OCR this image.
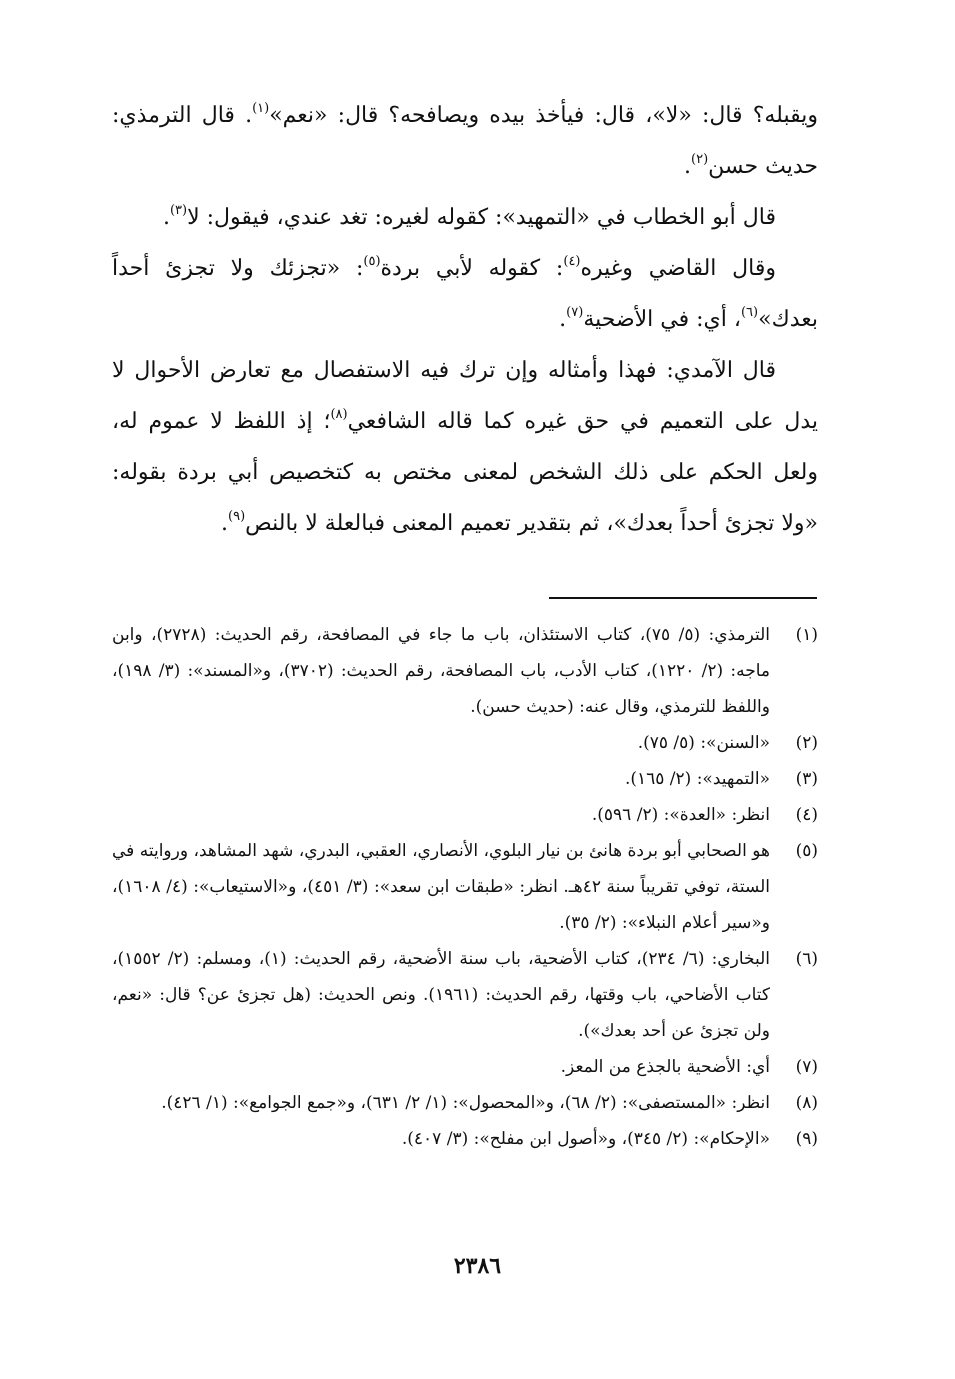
ويقبله؟ قال: «لا»، قال: فيأخذ بيده ويصافحه؟ قال: «نعم»$^{(١)}$. قال الترمذي: حديث حسن$^{(٢)}$.

قال أبو الخطاب في «التمهيد»: كقوله لغيره: تغد عندي، فيقول: لا$^{(٣)}$.

وقال القاضي وغيره$^{(٤)}$: كقوله لأبي بردة$^{(٥)}$: «تجزئك ولا تجزئ أحداً بعدك»$^{(٦)}$، أي: في الأضحية$^{(٧)}$.

قال الآمدي: فهذا وأمثاله وإن ترك فيه الاستفصال مع تعارض الأحوال لا يدل على التعميم في حق غيره كما قاله الشافعي$^{(٨)}$؛ إذ اللفظ لا عموم له، ولعل الحكم على ذلك الشخص لمعنى مختص به كتخصيص أبي بردة بقوله: «ولا تجزئ أحداً بعدك»، ثم بتقدير تعميم المعنى فبالعلة لا بالنص$^{(٩)}$.

(١)
الترمذي: (٥/ ٧٥)، كتاب الاستئذان، باب ما جاء في المصافحة، رقم الحديث: (٢٧٢٨)، وابن ماجه: (٢/ ١٢٢٠)، كتاب الأدب، باب المصافحة، رقم الحديث: (٣٧٠٢)، و«المسند»: (٣/ ١٩٨)، واللفظ للترمذي، وقال عنه: (حديث حسن).
(٢)
«السنن»: (٥/ ٧٥).
(٣)
«التمهيد»: (٢/ ١٦٥).
(٤)
انظر: «العدة»: (٢/ ٥٩٦).
(٥)
هو الصحابي أبو بردة هانئ بن نيار البلوي، الأنصاري، العقبي، البدري، شهد المشاهد، وروايته في الستة، توفي تقريباً سنة ٤٢هـ. انظر: «طبقات ابن سعد»: (٣/ ٤٥١)، و«الاستيعاب»: (٤/ ١٦٠٨)، و«سير أعلام النبلاء»: (٢/ ٣٥).
(٦)
البخاري: (٦/ ٢٣٤)، كتاب الأضحية، باب سنة الأضحية، رقم الحديث: (١)، ومسلم: (٢/ ١٥٥٢)، كتاب الأضاحي، باب وقتها، رقم الحديث: (١٩٦١). ونص الحديث: (هل تجزئ عن؟ قال: «نعم، ولن تجزئ عن أحد بعدك»).
(٧)
أي: الأضحية بالجذع من المعز.
(٨)
انظر: «المستصفى»: (٢/ ٦٨)، و«المحصول»: (١/ ٢/ ٦٣١)، و«جمع الجوامع»: (١/ ٤٢٦).
(٩)
«الإحكام»: (٢/ ٣٤٥)، و«أصول ابن مفلح»: (٣/ ٤٠٧).
٢٣٨٦
